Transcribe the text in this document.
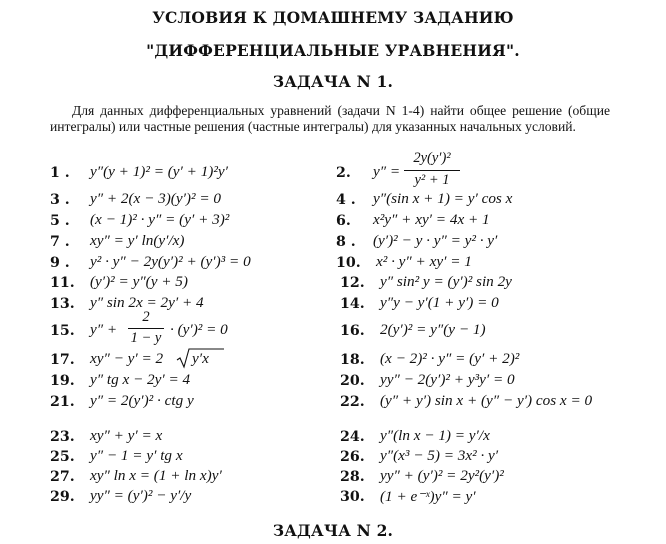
УСЛОВИЯ К ДОМАШНЕМУ ЗАДАНИЮ
"ДИФФЕРЕНЦИАЛЬНЫЕ УРАВНЕНИЯ".
ЗАДАЧА N 1.
Для данных дифференциальных уравнений (задачи N 1-4) найти общее решение (общие интегралы) или частные решения (частные интегралы) для указанных начальных условий.
1 . y″(y + 1)² = (y′ + 1)²y′
3 . y″ + 2(x − 3)(y′)² = 0
5 . (x − 1)² · y″ = (y′ + 3)²
7 . xy″ = y′ ln(y′/x)
9 . y² · y″ − 2y(y′)² + (y′)³ = 0
11. (y′)² = y″(y + 5)
13. y″ sin 2x = 2y′ + 4
15. y″ +
2
1 − y · (y′)² = 0
17. xy″ − y′ = 2 y′x
19. y″ tg x − 2y′ = 4
21. y″ = 2(y′)² · ctg y
23. xy″ + y′ = x
25. y″ − 1 = y′ tg x
27. xy″ ln x = (1 + ln x)y′
29. yy″ = (y′)² − y′/y
2. y″ =
2y(y′)²
y² + 1
4 . y″(sin x + 1) = y′ cos x
6. x²y″ + xy′ = 4x + 1
8 . (y′)² − y · y″ = y² · y′
10. x² · y″ + xy′ = 1
12. y″ sin² y = (y′)² sin 2y
14. y″y − y′(1 + y′) = 0
16. 2(y′)² = y″(y − 1)
18. (x − 2)² · y″ = (y′ + 2)²
20. yy″ − 2(y′)² + y³y′ = 0
22. (y″ + y′) sin x + (y″ − y′) cos x = 0
24. y″(ln x − 1) = y′/x
26. y″(x³ − 5) = 3x² · y′
28. yy″ + (y′)² = 2y²(y′)²
30. (1 + e⁻ˣ)y″ = y′
ЗАДАЧА N 2.
